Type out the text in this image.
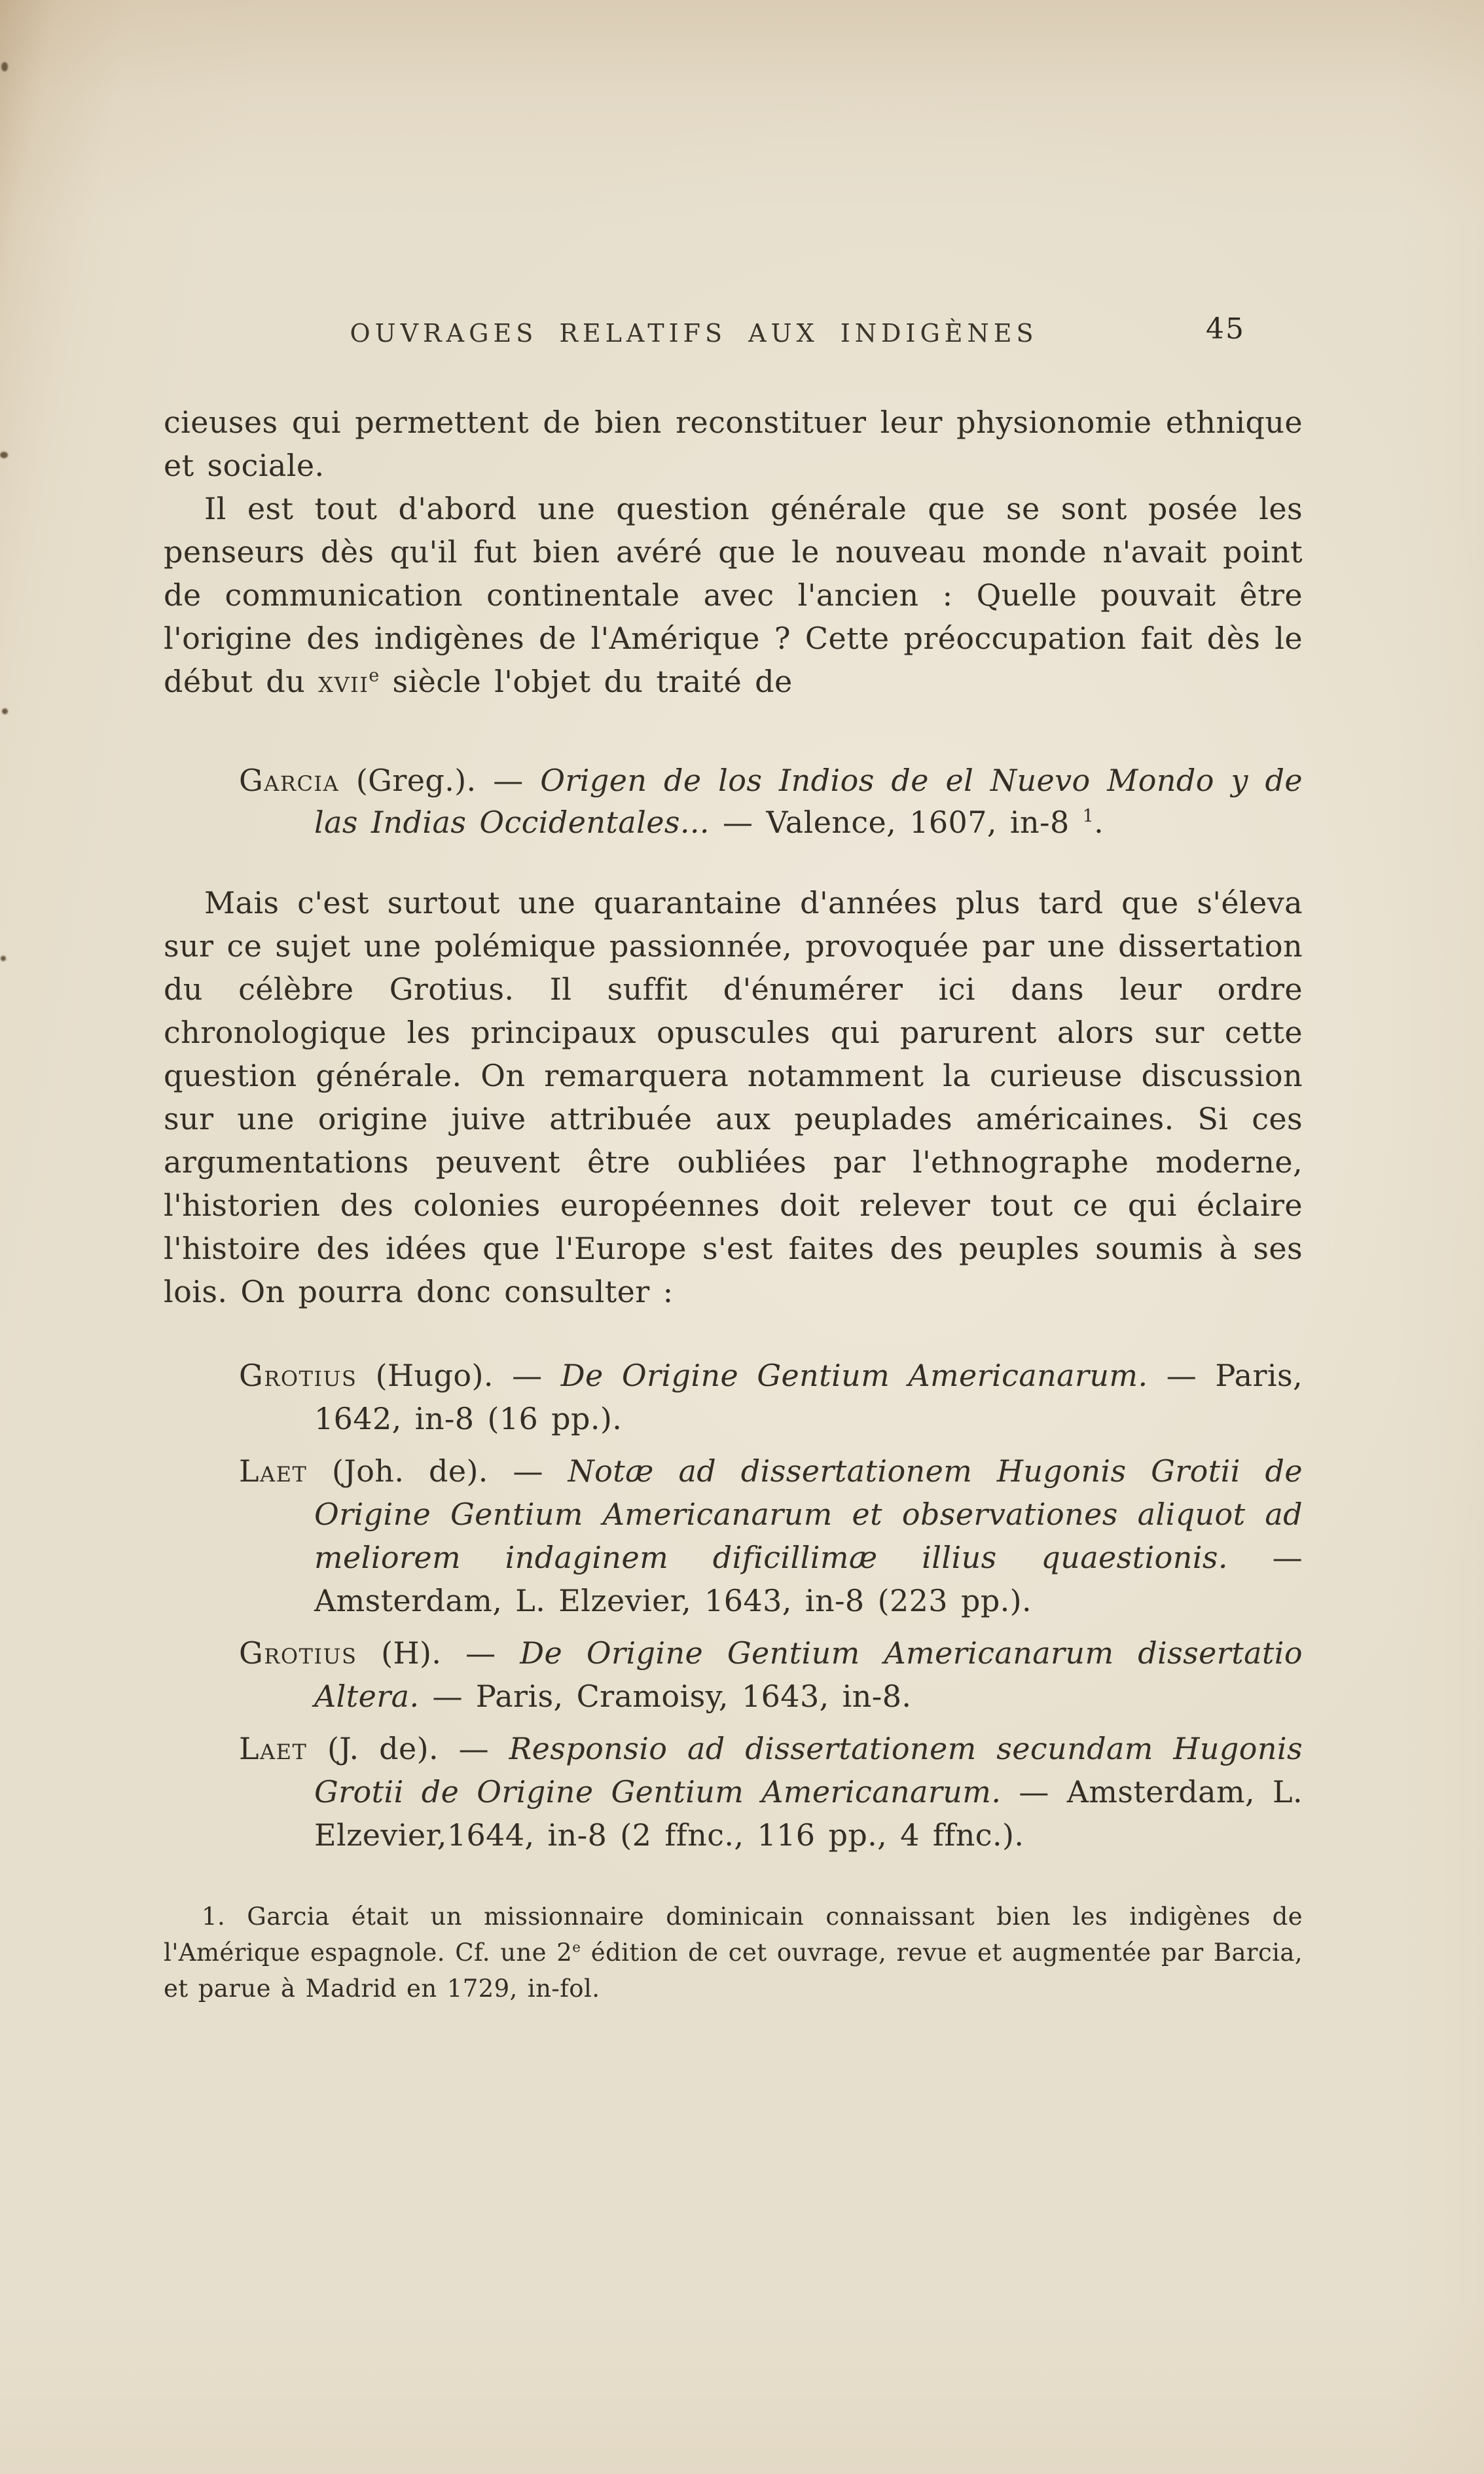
OUVRAGES RELATIFS AUX INDIGÈNES	45

cieuses qui permettent de bien reconstituer leur physionomie ethnique et sociale.

Il est tout d'abord une question générale que se sont posée les penseurs dès qu'il fut bien avéré que le nouveau monde n'avait point de communication continentale avec l'ancien : Quelle pouvait être l'origine des indigènes de l'Amérique ? Cette préoccupation fait dès le début du xvii$^e$ siècle l'objet du traité de

Garcia (Greg.). — Origen de los Indios de el Nuevo Mondo y de las Indias Occidentales... — Valence, 1607, in-8 $^1$.

Mais c'est surtout une quarantaine d'années plus tard que s'éleva sur ce sujet une polémique passionnée, provoquée par une dissertation du célèbre Grotius. Il suffit d'énumérer ici dans leur ordre chronologique les principaux opuscules qui parurent alors sur cette question générale. On remarquera notamment la curieuse discussion sur une origine juive attribuée aux peuplades américaines. Si ces argumentations peuvent être oubliées par l'ethnographe moderne, l'historien des colonies européennes doit relever tout ce qui éclaire l'histoire des idées que l'Europe s'est faites des peuples soumis à ses lois. On pourra donc consulter :

Grotius (Hugo). — De Origine Gentium Americanarum. — Paris, 1642, in-8 (16 pp.).
Laet (Joh. de). — Notæ ad dissertationem Hugonis Grotii de Origine Gentium Americanarum et observationes aliquot ad meliorem indaginem dificillimæ illius quaestionis. — Amsterdam, L. Elzevier, 1643, in-8 (223 pp.).
Grotius (H). — De Origine Gentium Americanarum dissertatio Altera. — Paris, Cramoisy, 1643, in-8.
Laet (J. de). — Responsio ad dissertationem secundam Hugonis Grotii de Origine Gentium Americanarum. — Amsterdam, L. Elzevier,1644, in-8 (2 ffnc., 116 pp., 4 ffnc.).
1. Garcia était un missionnaire dominicain connaissant bien les indigènes de l'Amérique espagnole. Cf. une 2e édition de cet ouvrage, revue et augmentée par Barcia, et parue à Madrid en 1729, in-fol.
